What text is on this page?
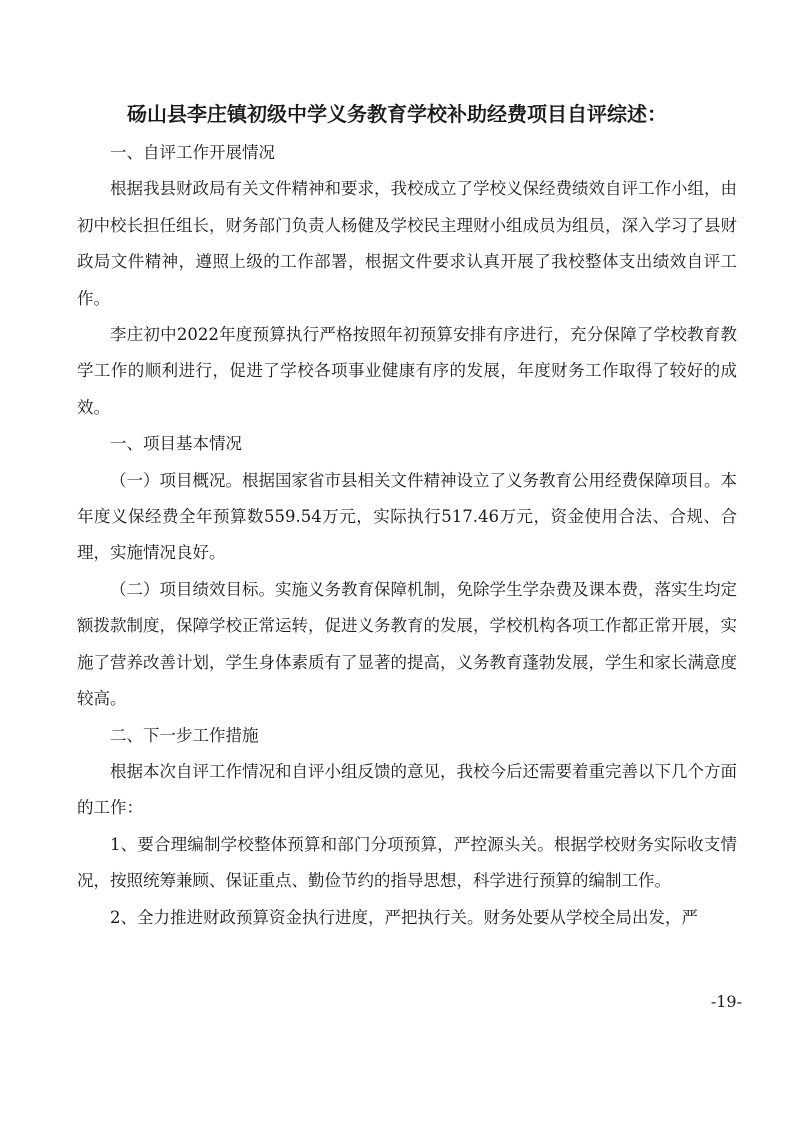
砀山县李庄镇初级中学义务教育学校补助经费项目自评综述：

一、自评工作开展情况

根据我县财政局有关文件精神和要求，我校成立了学校义保经费绩效自评工作小组，由初中校长担任组长，财务部门负责人杨健及学校民主理财小组成员为组员，深入学习了县财政局文件精神，遵照上级的工作部署，根据文件要求认真开展了我校整体支出绩效自评工作。

李庄初中2022年度预算执行严格按照年初预算安排有序进行，充分保障了学校教育教学工作的顺利进行，促进了学校各项事业健康有序的发展，年度财务工作取得了较好的成效。

一、项目基本情况

（一）项目概况。根据国家省市县相关文件精神设立了义务教育公用经费保障项目。本年度义保经费全年预算数559.54万元，实际执行517.46万元，资金使用合法、合规、合理，实施情况良好。

（二）项目绩效目标。实施义务教育保障机制，免除学生学杂费及课本费，落实生均定额拨款制度，保障学校正常运转，促进义务教育的发展，学校机构各项工作都正常开展，实施了营养改善计划，学生身体素质有了显著的提高，义务教育蓬勃发展，学生和家长满意度较高。

二、下一步工作措施

根据本次自评工作情况和自评小组反馈的意见，我校今后还需要着重完善以下几个方面的工作：

1、要合理编制学校整体预算和部门分项预算，严控源头关。根据学校财务实际收支情况，按照统筹兼顾、保证重点、勤俭节约的指导思想，科学进行预算的编制工作。

2、全力推进财政预算资金执行进度，严把执行关。财务处要从学校全局出发，严

-19-
